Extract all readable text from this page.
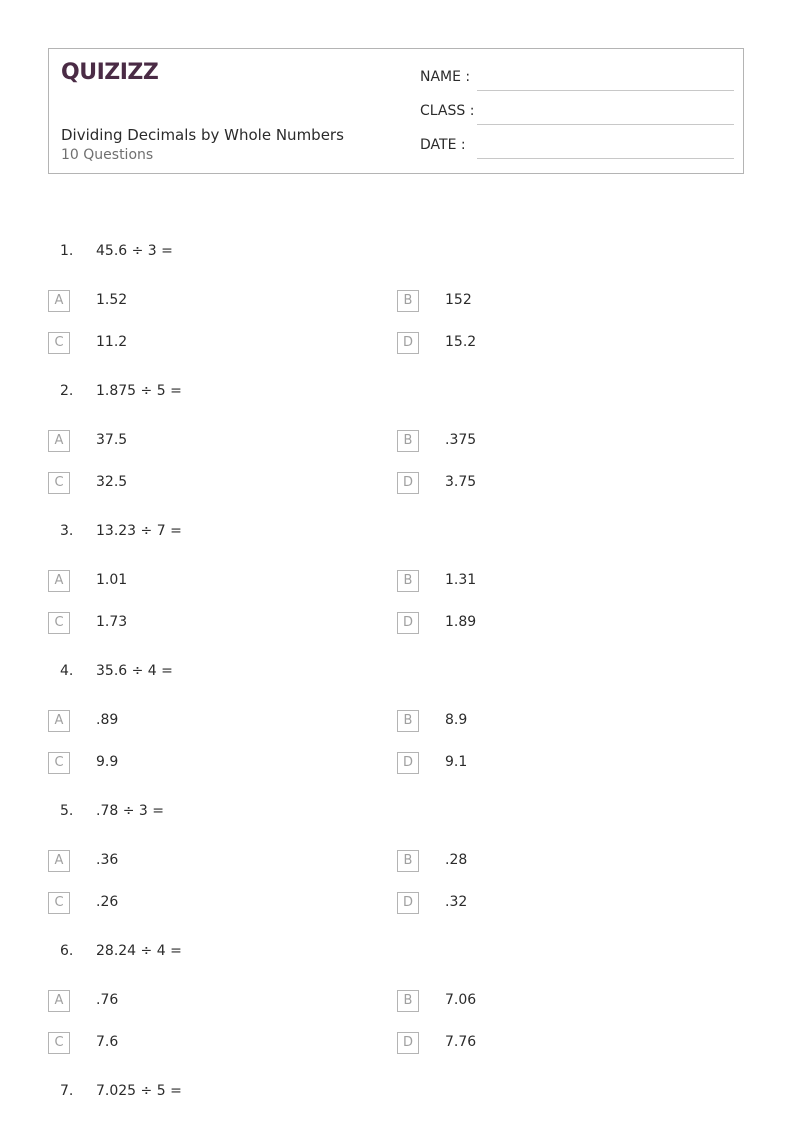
QUIZIZZ
Dividing Decimals by Whole Numbers
10 Questions
NAME :
CLASS :
DATE :
1. 45.6 ÷ 3 =
A	1.52	B	152
C	11.2	D	15.2
2. 1.875 ÷ 5 =
A	37.5	B	.375
C	32.5	D	3.75
3. 13.23 ÷ 7 =
A	1.01	B	1.31
C	1.73	D	1.89
4. 35.6 ÷ 4 =
A	.89	B	8.9
C	9.9	D	9.1
5. .78 ÷ 3 =
A	.36	B	.28
C	.26	D	.32
6. 28.24 ÷ 4 =
A	.76	B	7.06
C	7.6	D	7.76
7. 7.025 ÷ 5 =
